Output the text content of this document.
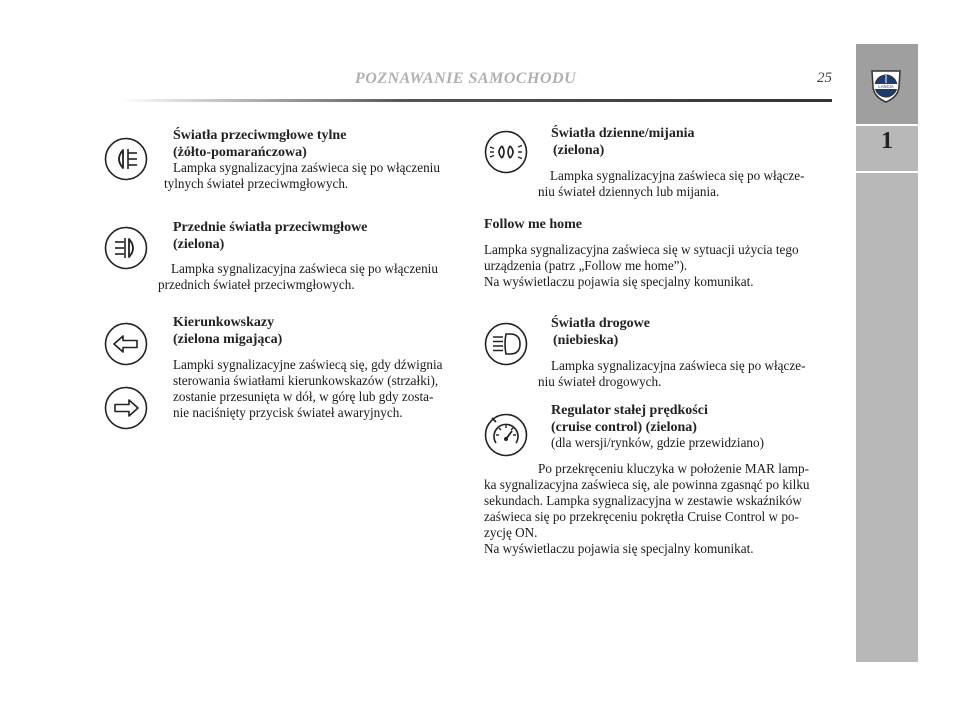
LANCIA
1
POZNAWANIE SAMOCHODU	25
Światła przeciwmgłowe tylne
(żółto-pomarańczowa)
Lampka sygnalizacyjna zaświeca się po włączeniu
tylnych świateł przeciwmgłowych.
Przednie światła przeciwmgłowe
(zielona)
Lampka sygnalizacyjna zaświeca się po włączeniu
przednich świateł przeciwmgłowych.
Kierunkowskazy
(zielona migająca)
Lampki sygnalizacyjne zaświecą się, gdy dźwignia
sterowania światłami kierunkowskazów (strzałki),
zostanie przesunięta w dół, w górę lub gdy zosta-
nie naciśnięty przycisk świateł awaryjnych.
Światła dzienne/mijania
(zielona)
Lampka sygnalizacyjna zaświeca się po włącze-
niu świateł dziennych lub mijania.
Follow me home
Lampka sygnalizacyjna zaświeca się w sytuacji użycia tego
urządzenia (patrz „Follow me home”).
Na wyświetlaczu pojawia się specjalny komunikat.
Światła drogowe
(niebieska)
Lampka sygnalizacyjna zaświeca się po włącze-
niu świateł drogowych.
Regulator stałej prędkości
(cruise control) (zielona)
(dla wersji/rynków, gdzie przewidziano)
Po przekręceniu kluczyka w położenie MAR lamp-
ka sygnalizacyjna zaświeca się, ale powinna zgasnąć po kilku
sekundach. Lampka sygnalizacyjna w zestawie wskaźników
zaświeca się po przekręceniu pokrętła Cruise Control w po-
zycję ON.
Na wyświetlaczu pojawia się specjalny komunikat.
